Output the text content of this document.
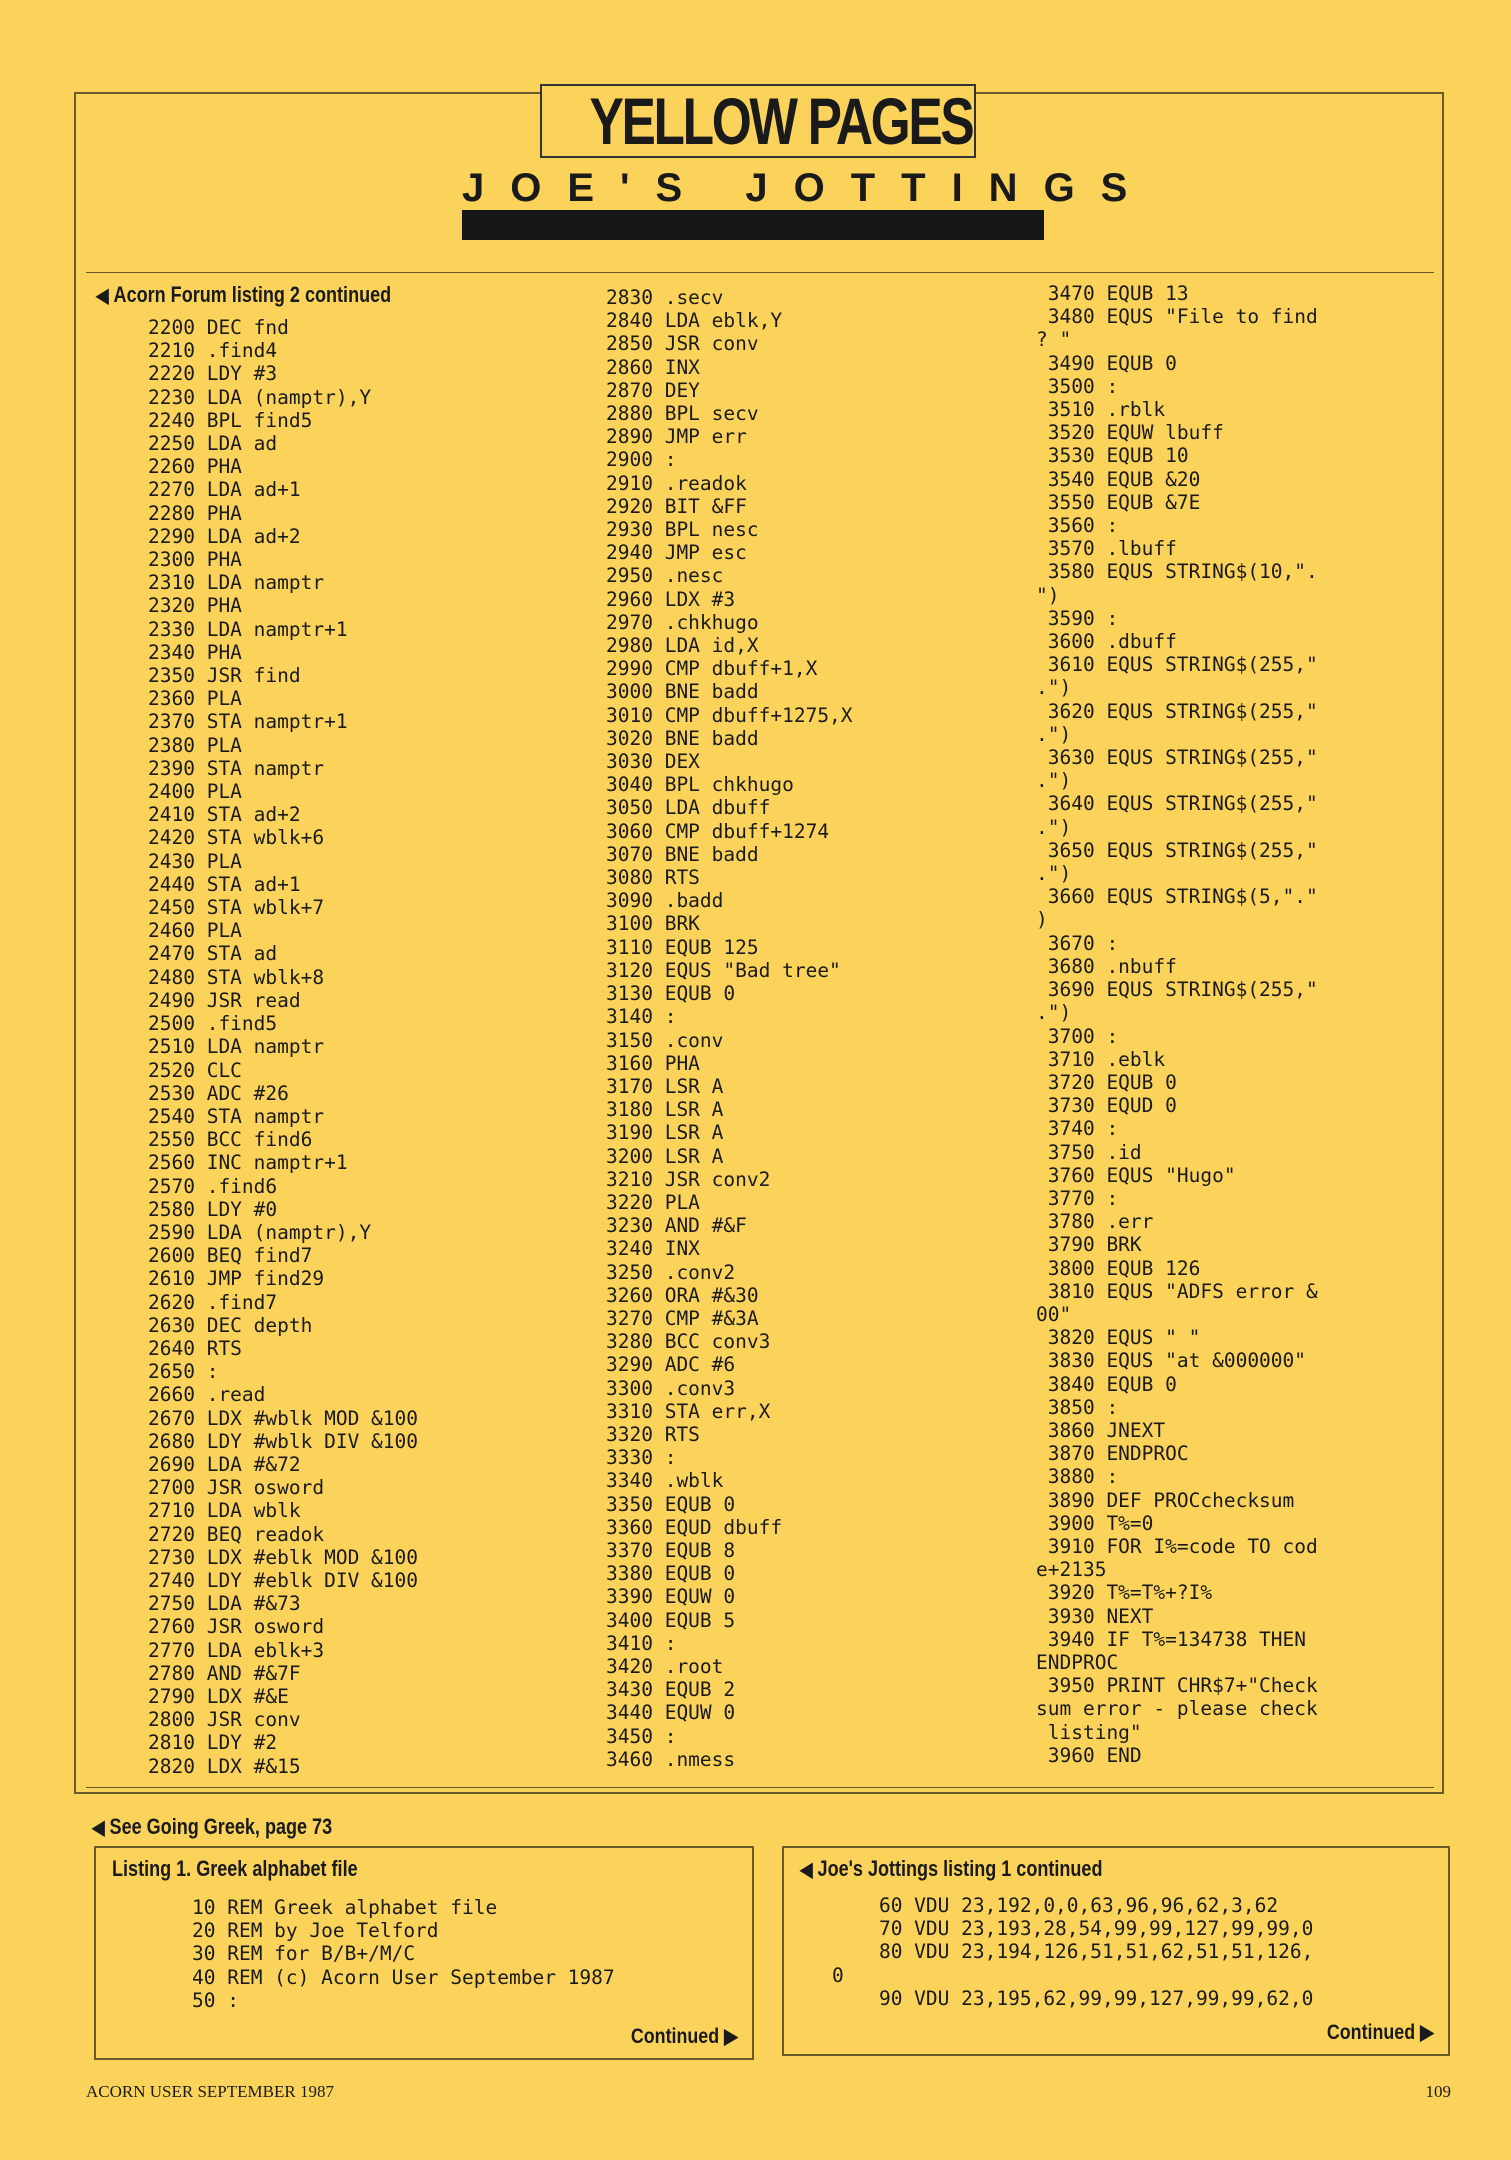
YELLOW PAGES
JOE'S JOTTINGS
◀ Acorn Forum listing 2 continued
2200 DEC fnd
2210 .find4
2220 LDY #3
2230 LDA (namptr),Y
2240 BPL find5
2250 LDA ad
2260 PHA
2270 LDA ad+1
2280 PHA
2290 LDA ad+2
2300 PHA
2310 LDA namptr
2320 PHA
2330 LDA namptr+1
2340 PHA
2350 JSR find
2360 PLA
2370 STA namptr+1
2380 PLA
2390 STA namptr
2400 PLA
2410 STA ad+2
2420 STA wblk+6
2430 PLA
2440 STA ad+1
2450 STA wblk+7
2460 PLA
2470 STA ad
2480 STA wblk+8
2490 JSR read
2500 .find5
2510 LDA namptr
2520 CLC
2530 ADC #26
2540 STA namptr
2550 BCC find6
2560 INC namptr+1
2570 .find6
2580 LDY #0
2590 LDA (namptr),Y
2600 BEQ find7
2610 JMP find29
2620 .find7
2630 DEC depth
2640 RTS
2650 :
2660 .read
2670 LDX #wblk MOD &100
2680 LDY #wblk DIV &100
2690 LDA #&72
2700 JSR osword
2710 LDA wblk
2720 BEQ readok
2730 LDX #eblk MOD &100
2740 LDY #eblk DIV &100
2750 LDA #&73
2760 JSR osword
2770 LDA eblk+3
2780 AND #&7F
2790 LDX #&E
2800 JSR conv
2810 LDY #2
2820 LDX #&15
2830 .secv
2840 LDA eblk,Y
2850 JSR conv
2860 INX
2870 DEY
2880 BPL secv
2890 JMP err
2900 :
2910 .readok
2920 BIT &FF
2930 BPL nesc
2940 JMP esc
2950 .nesc
2960 LDX #3
2970 .chkhugo
2980 LDA id,X
2990 CMP dbuff+1,X
3000 BNE badd
3010 CMP dbuff+1275,X
3020 BNE badd
3030 DEX
3040 BPL chkhugo
3050 LDA dbuff
3060 CMP dbuff+1274
3070 BNE badd
3080 RTS
3090 .badd
3100 BRK
3110 EQUB 125
3120 EQUS "Bad tree"
3130 EQUB 0
3140 :
3150 .conv
3160 PHA
3170 LSR A
3180 LSR A
3190 LSR A
3200 LSR A
3210 JSR conv2
3220 PLA
3230 AND #&F
3240 INX
3250 .conv2
3260 ORA #&30
3270 CMP #&3A
3280 BCC conv3
3290 ADC #6
3300 .conv3
3310 STA err,X
3320 RTS
3330 :
3340 .wblk
3350 EQUB 0
3360 EQUD dbuff
3370 EQUB 8
3380 EQUB 0
3390 EQUW 0
3400 EQUB 5
3410 :
3420 .root
3430 EQUB 2
3440 EQUW 0
3450 :
3460 .nmess
3470 EQUB 13
3480 EQUS "File to find
? "
3490 EQUB 0
3500 :
3510 .rblk
3520 EQUW lbuff
3530 EQUB 10
3540 EQUB &20
3550 EQUB &7E
3560 :
3570 .lbuff
3580 EQUS STRING$(10,".
")
3590 :
3600 .dbuff
3610 EQUS STRING$(255,"
.")
3620 EQUS STRING$(255,"
.")
3630 EQUS STRING$(255,"
.")
3640 EQUS STRING$(255,"
.")
3650 EQUS STRING$(255,"
.")
3660 EQUS STRING$(5,"."
)
3670 :
3680 .nbuff
3690 EQUS STRING$(255,"
.")
3700 :
3710 .eblk
3720 EQUB 0
3730 EQUD 0
3740 :
3750 .id
3760 EQUS "Hugo"
3770 :
3780 .err
3790 BRK
3800 EQUB 126
3810 EQUS "ADFS error &
00"
3820 EQUS " "
3830 EQUS "at &000000"
3840 EQUB 0
3850 :
3860 JNEXT
3870 ENDPROC
3880 :
3890 DEF PROCchecksum
3900 T%=0
3910 FOR I%=code TO cod
e+2135
3920 T%=T%+?I%
3930 NEXT
3940 IF T%=134738 THEN
ENDPROC
3950 PRINT CHR$7+"Check
sum error - please check
listing"
3960 END
◀ See Going Greek, page 73
Listing 1. Greek alphabet file
10 REM Greek alphabet file
20 REM by Joe Telford
30 REM for B/B+/M/C
40 REM (c) Acorn User September 1987
50 :
Continued ▶
◀ Joe's Jottings listing 1 continued
60 VDU 23,192,0,0,63,96,96,62,3,62
70 VDU 23,193,28,54,99,99,127,99,99,0
80 VDU 23,194,126,51,51,62,51,51,126,
0
90 VDU 23,195,62,99,99,127,99,99,62,0
Continued ▶
ACORN USER SEPTEMBER 1987	109
